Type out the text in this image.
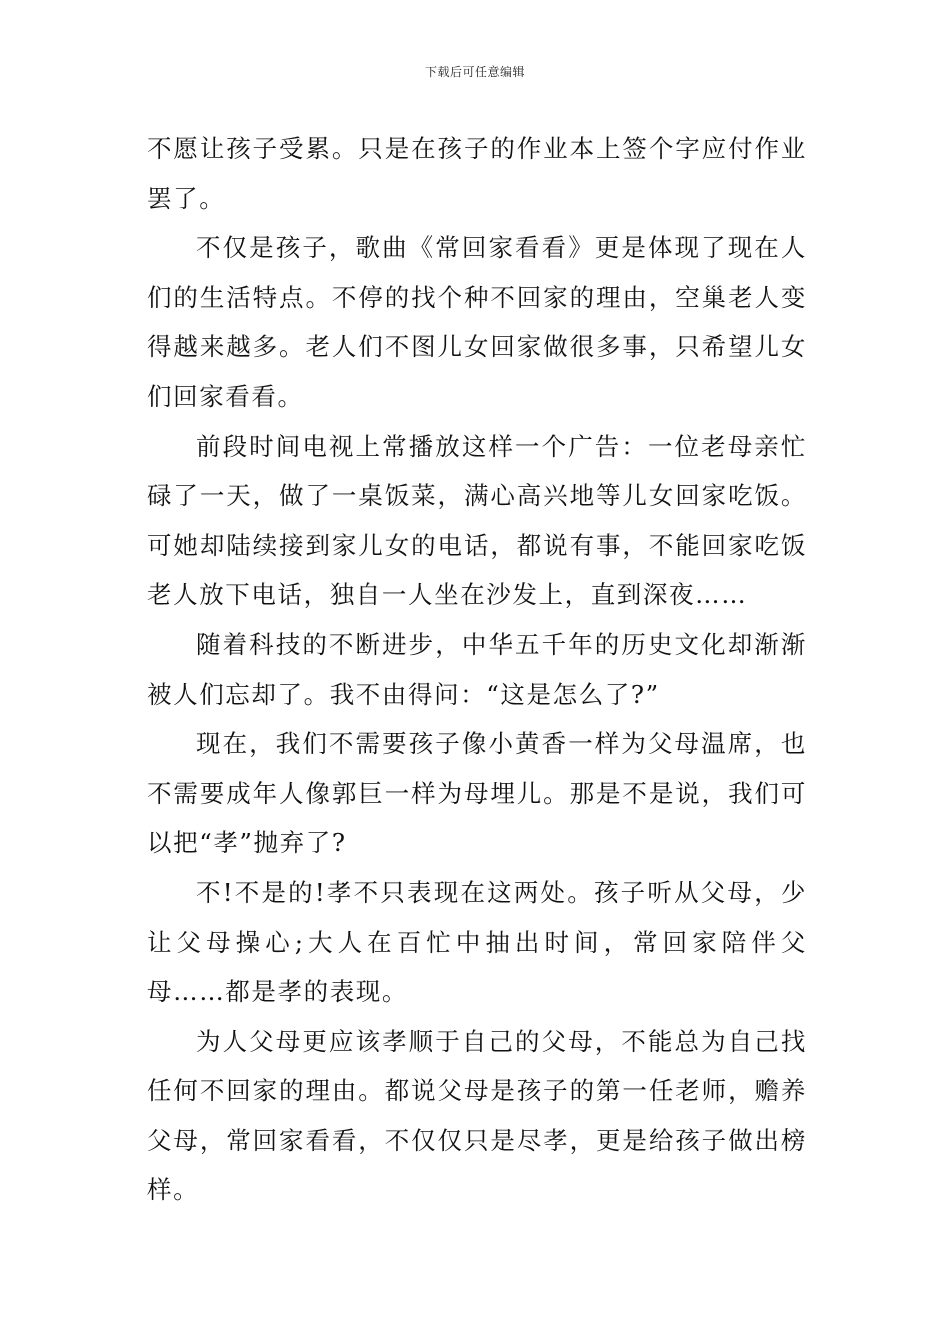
下载后可任意编辑

不愿让孩子受累。只是在孩子的作业本上签个字应付作业罢了。

不仅是孩子，歌曲《常回家看看》更是体现了现在人们的生活特点。不停的找个种不回家的理由，空巢老人变得越来越多。老人们不图儿女回家做很多事，只希望儿女们回家看看。

前段时间电视上常播放这样一个广告：一位老母亲忙碌了一天，做了一桌饭菜，满心高兴地等儿女回家吃饭。可她却陆续接到家儿女的电话，都说有事，不能回家吃饭老人放下电话，独自一人坐在沙发上，直到深夜……

随着科技的不断进步，中华五千年的历史文化却渐渐被人们忘却了。我不由得问：“这是怎么了?”

现在，我们不需要孩子像小黄香一样为父母温席，也不需要成年人像郭巨一样为母埋儿。那是不是说，我们可以把“孝”抛弃了?

不!不是的!孝不只表现在这两处。孩子听从父母，少让父母操心;大人在百忙中抽出时间，常回家陪伴父母……都是孝的表现。

为人父母更应该孝顺于自己的父母，不能总为自己找任何不回家的理由。都说父母是孩子的第一任老师，赡养父母，常回家看看，不仅仅只是尽孝，更是给孩子做出榜样。
